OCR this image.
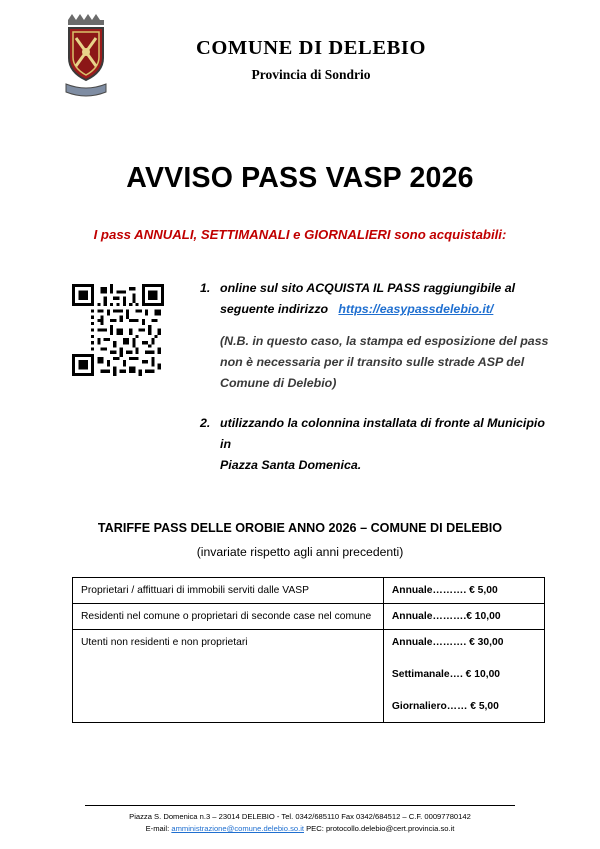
COMUNE DI DELEBIO
Provincia di Sondrio
AVVISO PASS VASP 2026
I pass ANNUALI, SETTIMANALI e GIORNALIERI sono acquistabili:
1. online sul sito ACQUISTA IL PASS raggiungibile al
seguente indirizzo https://easypassdelebio.it/
(N.B. in questo caso, la stampa ed esposizione del pass
non è necessaria per il transito sulle strade ASP del
Comune di Delebio)
2. utilizzando la colonnina installata di fronte al Municipio in
Piazza Santa Domenica.
TARIFFE PASS DELLE OROBIE ANNO 2026 – COMUNE DI DELEBIO
(invariate rispetto agli anni precedenti)
Proprietari / affittuari di immobili serviti dalle VASP	Annuale………. € 5,00

Residenti nel comune o proprietari di seconde case nel comune	Annuale……….€ 10,00

Utenti non residenti e non proprietari	Annuale………. € 30,00
Settimanale…. € 10,00
Giornaliero…… € 5,00
Piazza S. Domenica n.3 – 23014 DELEBIO - Tel. 0342/685110 Fax 0342/684512 – C.F. 00097780142
E-mail: amministrazione@comune.delebio.so.it PEC: protocollo.delebio@cert.provincia.so.it
